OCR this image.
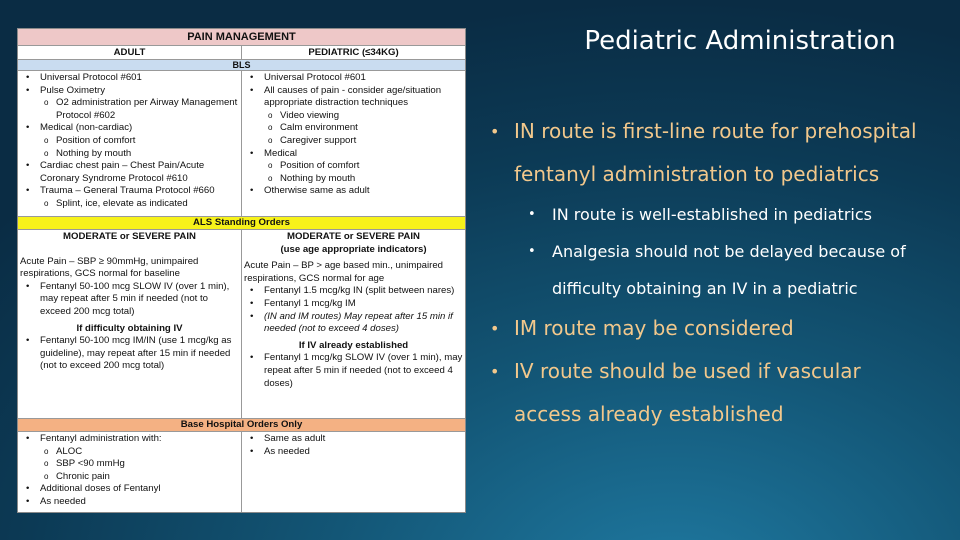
Pediatric Administration
• IN route is first-line route for prehospital fentanyl administration to pediatrics
• IN route is well-established in pediatrics
• Analgesia should not be delayed because of difficulty obtaining an IV in a pediatric
• IM route may be considered
• IV route should be used if vascular access already established
PAIN MANAGEMENT
ADULT	PEDIATRIC (≤34KG)
BLS
• Universal Protocol #601
• Pulse Oximetry
o O2 administration per Airway Management Protocol #602
• Medical (non-cardiac)
o Position of comfort
o Nothing by mouth
• Cardiac chest pain – Chest Pain/Acute Coronary Syndrome Protocol #610
• Trauma – General Trauma Protocol #660
o Splint, ice, elevate as indicated
• Universal Protocol #601
• All causes of pain - consider age/situation appropriate distraction techniques
o Video viewing
o Calm environment
o Caregiver support
• Medical
o Position of comfort
o Nothing by mouth
• Otherwise same as adult
ALS Standing Orders
MODERATE or SEVERE PAIN
Acute Pain – SBP ≥ 90mmHg, unimpaired respirations, GCS normal for baseline
• Fentanyl 50-100 mcg SLOW IV (over 1 min), may repeat after 5 min if needed (not to exceed 200 mcg total)
If difficulty obtaining IV
• Fentanyl 50-100 mcg IM/IN (use 1 mcg/kg as guideline), may repeat after 15 min if needed (not to exceed 200 mcg total)
MODERATE or SEVERE PAIN
(use age appropriate indicators)
Acute Pain – BP > age based min., unimpaired respirations, GCS normal for age
• Fentanyl 1.5 mcg/kg IN (split between nares)
• Fentanyl 1 mcg/kg IM
• (IN and IM routes) May repeat after 15 min if needed (not to exceed 4 doses)
If IV already established
• Fentanyl 1 mcg/kg SLOW IV (over 1 min), may repeat after 5 min if needed (not to exceed 4 doses)
Base Hospital Orders Only
• Fentanyl administration with:
o ALOC
o SBP <90 mmHg
o Chronic pain
• Additional doses of Fentanyl
• As needed
• Same as adult
• As needed
